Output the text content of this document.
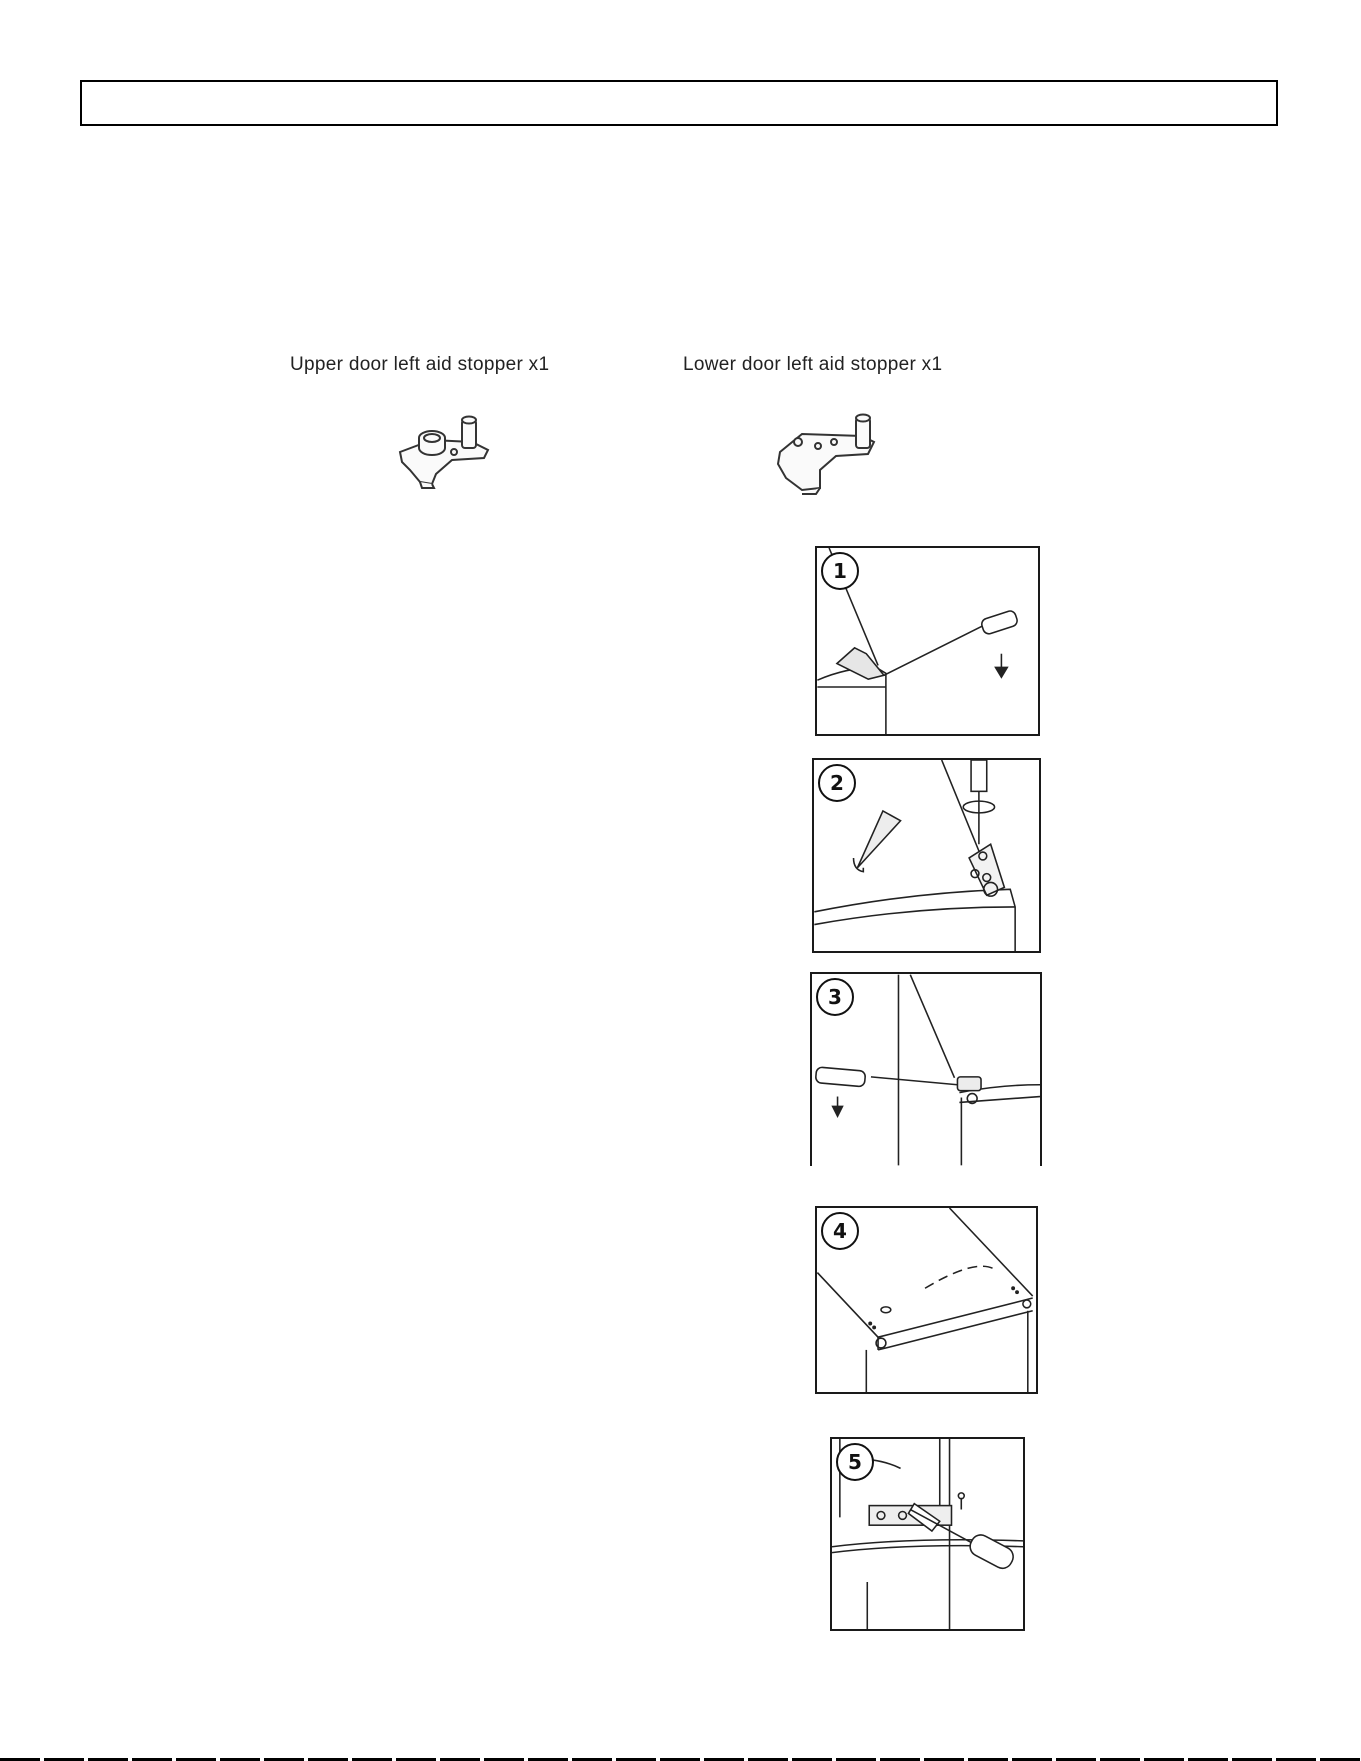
Upper door left aid stopper x1	Lower door left aid stopper x1
1
2
3
4
5
